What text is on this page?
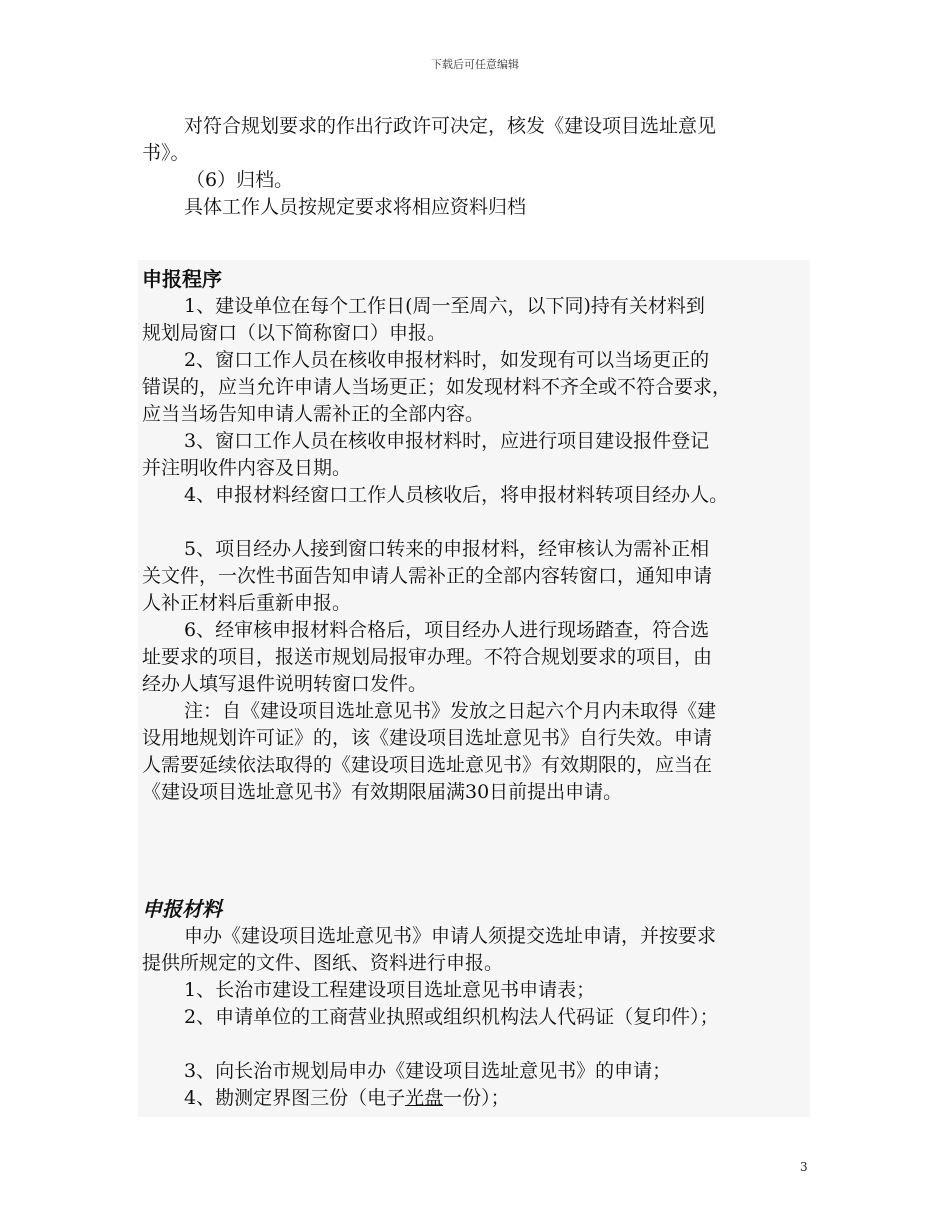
下载后可任意编辑
对符合规划要求的作出行政许可决定，核发《建设项目选址意见
书》。
（6）归档。
具体工作人员按规定要求将相应资料归档
申报程序
1、建设单位在每个工作日(周一至周六，以下同)持有关材料到
规划局窗口（以下简称窗口）申报。
2、窗口工作人员在核收申报材料时，如发现有可以当场更正的
错误的，应当允许申请人当场更正；如发现材料不齐全或不符合要求，
应当当场告知申请人需补正的全部内容。
3、窗口工作人员在核收申报材料时，应进行项目建设报件登记
并注明收件内容及日期。
4、申报材料经窗口工作人员核收后，将申报材料转项目经办人。
5、项目经办人接到窗口转来的申报材料，经审核认为需补正相
关文件，一次性书面告知申请人需补正的全部内容转窗口，通知申请
人补正材料后重新申报。
6、经审核申报材料合格后，项目经办人进行现场踏查，符合选
址要求的项目，报送市规划局报审办理。不符合规划要求的项目，由
经办人填写退件说明转窗口发件。
注：自《建设项目选址意见书》发放之日起六个月内未取得《建
设用地规划许可证》的，该《建设项目选址意见书》自行失效。申请
人需要延续依法取得的《建设项目选址意见书》有效期限的，应当在
《建设项目选址意见书》有效期限届满30日前提出申请。
申报材料
申办《建设项目选址意见书》申请人须提交选址申请，并按要求
提供所规定的文件、图纸、资料进行申报。
1、长治市建设工程建设项目选址意见书申请表；
2、申请单位的工商营业执照或组织机构法人代码证（复印件）；
3、向长治市规划局申办《建设项目选址意见书》的申请；
4、勘测定界图三份（电子光盘一份）；
3
